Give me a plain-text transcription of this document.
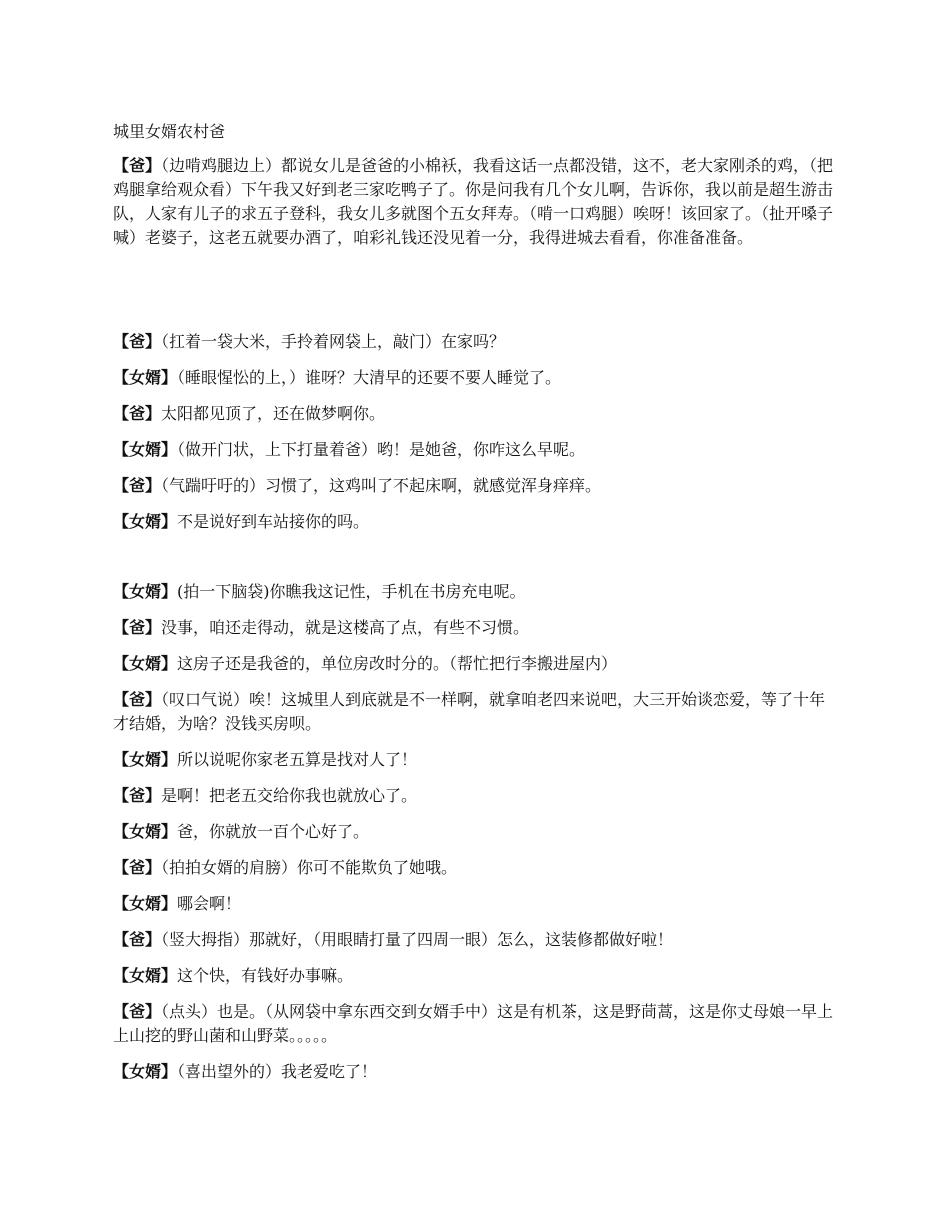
城里女婿农村爸

【爸】（边啃鸡腿边上）都说女儿是爸爸的小棉袄，我看这话一点都没错，这不，老大家刚杀的鸡，（把鸡腿拿给观众看）下午我又好到老三家吃鸭子了。你是问我有几个女儿啊，告诉你，我以前是超生游击队，人家有儿子的求五子登科，我女儿多就图个五女拜寿。（啃一口鸡腿）唉呀！该回家了。（扯开嗓子喊）老婆子，这老五就要办酒了，咱彩礼钱还没见着一分，我得进城去看看，你准备准备。

【爸】（扛着一袋大米，手拎着网袋上，敲门）在家吗？

【女婿】（睡眼惺忪的上，）谁呀？大清早的还要不要人睡觉了。

【爸】太阳都见顶了，还在做梦啊你。

【女婿】（做开门状，上下打量着爸）哟！是她爸，你咋这么早呢。

【爸】（气踹吁吁的）习惯了，这鸡叫了不起床啊，就感觉浑身痒痒。

【女婿】不是说好到车站接你的吗。

【女婿】(拍一下脑袋)你瞧我这记性，手机在书房充电呢。

【爸】没事，咱还走得动，就是这楼高了点，有些不习惯。

【女婿】这房子还是我爸的，单位房改时分的。（帮忙把行李搬进屋内）

【爸】（叹口气说）唉！这城里人到底就是不一样啊，就拿咱老四来说吧，大三开始谈恋爱，等了十年才结婚，为啥？没钱买房呗。

【女婿】所以说呢你家老五算是找对人了！

【爸】是啊！把老五交给你我也就放心了。

【女婿】爸，你就放一百个心好了。

【爸】（拍拍女婿的肩膀）你可不能欺负了她哦。

【女婿】哪会啊！

【爸】（竖大拇指）那就好，（用眼睛打量了四周一眼）怎么，这装修都做好啦！

【女婿】这个快，有钱好办事嘛。

【爸】（点头）也是。（从网袋中拿东西交到女婿手中）这是有机茶，这是野茼蒿，这是你丈母娘一早上上山挖的野山菌和山野菜。。。。。

【女婿】（喜出望外的）我老爱吃了！
